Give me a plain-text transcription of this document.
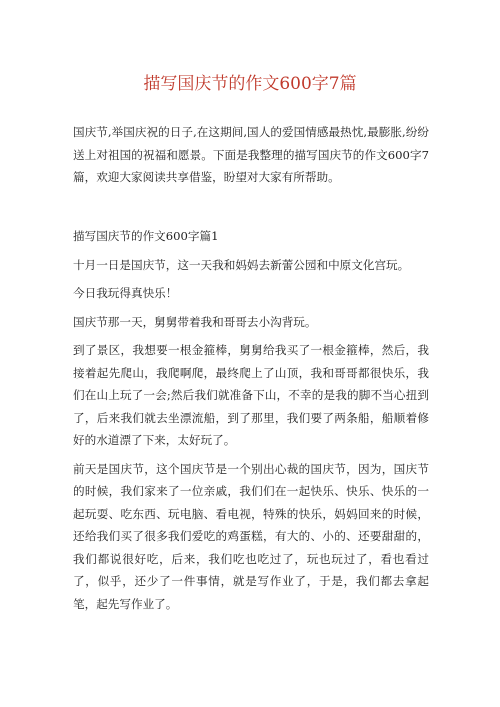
描写国庆节的作文600字7篇

国庆节,举国庆祝的日子,在这期间,国人的爱国情感最热忱,最膨胀,纷纷送上对祖国的祝福和愿景。下面是我整理的描写国庆节的作文600字7篇，欢迎大家阅读共享借鉴，盼望对大家有所帮助。

描写国庆节的作文600字篇1

十月一日是国庆节，这一天我和妈妈去新蕾公园和中原文化宫玩。

今日我玩得真快乐！

国庆节那一天，舅舅带着我和哥哥去小沟背玩。

到了景区，我想要一根金箍棒，舅舅给我买了一根金箍棒，然后，我接着起先爬山，我爬啊爬，最终爬上了山顶，我和哥哥都很快乐，我们在山上玩了一会;然后我们就准备下山，不幸的是我的脚不当心扭到了，后来我们就去坐漂流船，到了那里，我们要了两条船，船顺着修好的水道漂了下来，太好玩了。

前天是国庆节，这个国庆节是一个别出心裁的国庆节，因为，国庆节的时候，我们家来了一位亲戚，我们们在一起快乐、快乐、快乐的一起玩耍、吃东西、玩电脑、看电视，特殊的快乐，妈妈回来的时候，还给我们买了很多我们爱吃的鸡蛋糕，有大的、小的、还要甜甜的，我们都说很好吃，后来，我们吃也吃过了，玩也玩过了，看也看过了，似乎，还少了一件事情，就是写作业了，于是，我们都去拿起笔，起先写作业了。
